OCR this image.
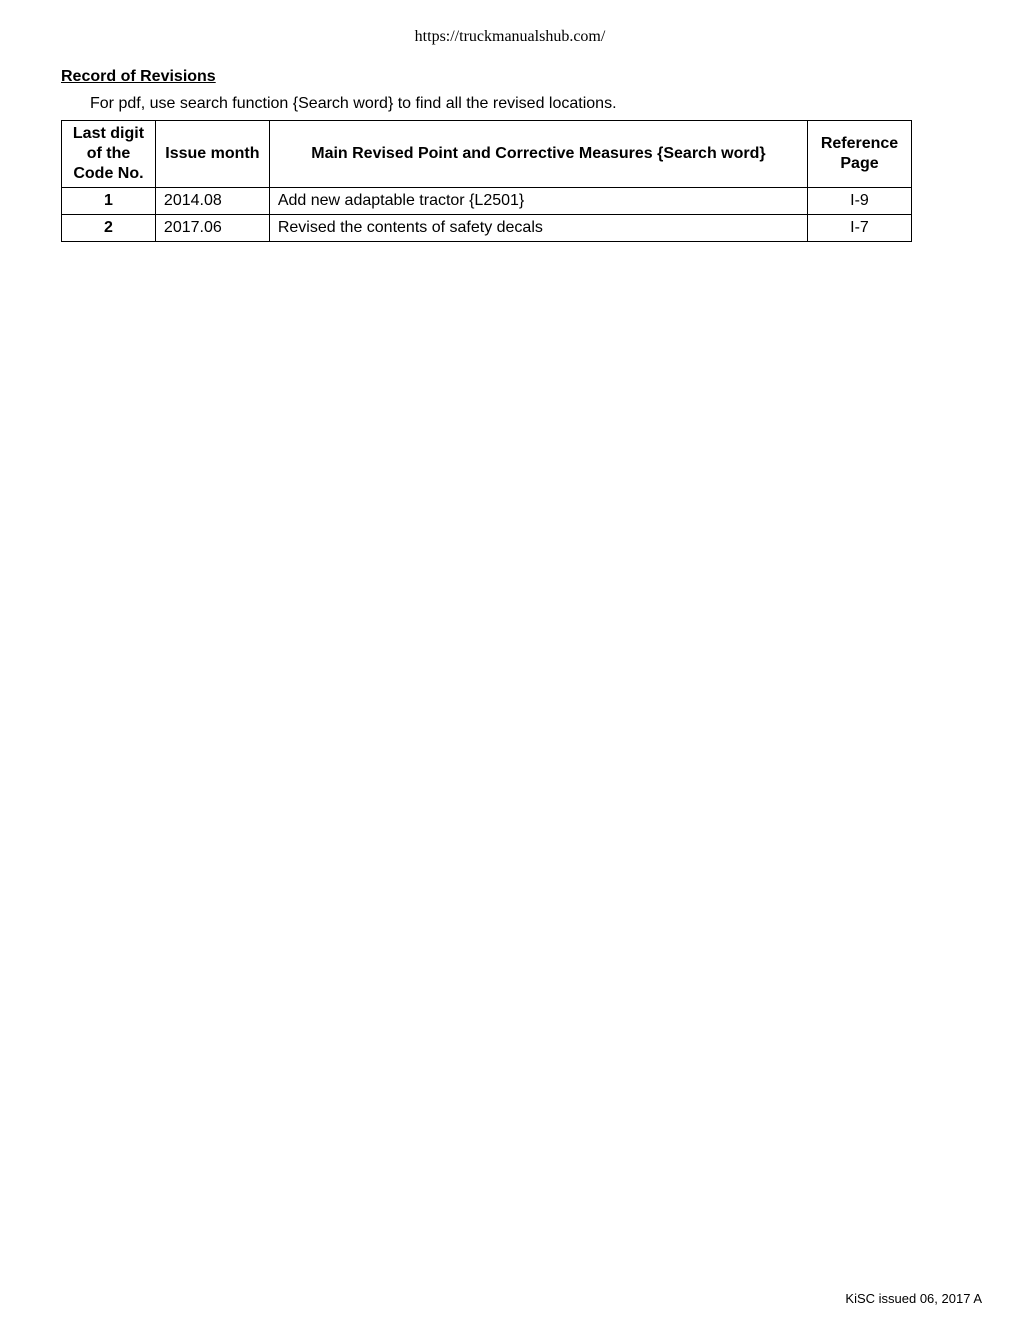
https://truckmanualshub.com/
Record of Revisions
For pdf, use search function {Search word} to find all the revised locations.
Last digit of the Code No.	Issue month	Main Revised Point and Corrective Measures {Search word}	Reference Page
1	2014.08	Add new adaptable tractor {L2501}	I-9
2	2017.06	Revised the contents of safety decals	I-7
KiSC issued 06, 2017 A
